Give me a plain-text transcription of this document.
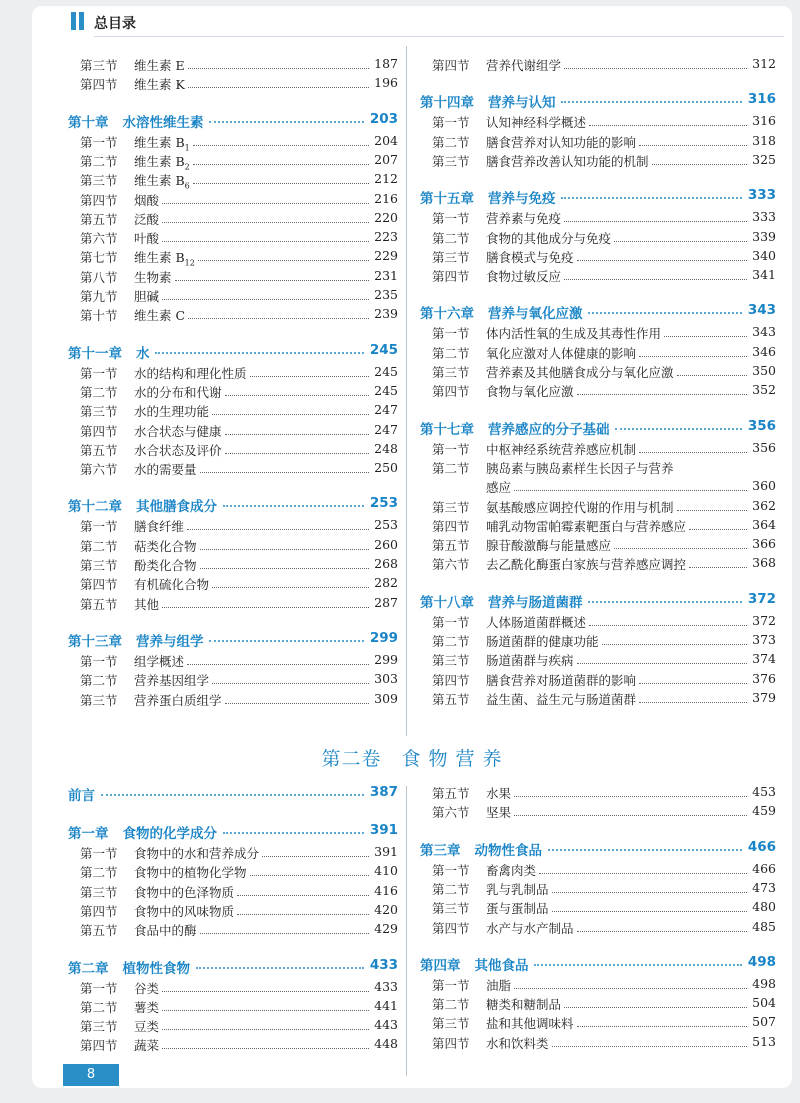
总目录
第三节 维生素 E	187
第四节 维生素 K	196
第十章 水溶性维生素	203
第一节 维生素 $B_1$	204
第二节 维生素 $B_2$	207
第三节 维生素 $B_6$	212
第四节 烟酸	216
第五节 泛酸	220
第六节 叶酸	223
第七节 维生素 $B_{12}$	229
第八节 生物素	231
第九节 胆碱	235
第十节 维生素 C	239
第十一章 水	245
第一节 水的结构和理化性质	245
第二节 水的分布和代谢	245
第三节 水的生理功能	247
第四节 水合状态与健康	247
第五节 水合状态及评价	248
第六节 水的需要量	250
第十二章 其他膳食成分	253
第一节 膳食纤维	253
第二节 萜类化合物	260
第三节 酚类化合物	268
第四节 有机硫化合物	282
第五节 其他	287
第十三章 营养与组学	299
第一节 组学概述	299
第二节 营养基因组学	303
第三节 营养蛋白质组学	309
第四节 营养代谢组学	312
第十四章 营养与认知	316
第一节 认知神经科学概述	316
第二节 膳食营养对认知功能的影响	318
第三节 膳食营养改善认知功能的机制	325
第十五章 营养与免疫	333
第一节 营养素与免疫	333
第二节 食物的其他成分与免疫	339
第三节 膳食模式与免疫	340
第四节 食物过敏反应	341
第十六章 营养与氧化应激	343
第一节 体内活性氧的生成及其毒性作用	343
第二节 氧化应激对人体健康的影响	346
第三节 营养素及其他膳食成分与氧化应激	350
第四节 食物与氧化应激	352
第十七章 营养感应的分子基础	356
第一节 中枢神经系统营养感应机制	356
第二节 胰岛素与胰岛素样生长因子与营养
感应	360
第三节 氨基酸感应调控代谢的作用与机制	362
第四节 哺乳动物雷帕霉素靶蛋白与营养感应	364
第五节 腺苷酸激酶与能量感应	366
第六节 去乙酰化酶蛋白家族与营养感应调控	368
第十八章 营养与肠道菌群	372
第一节 人体肠道菌群概述	372
第二节 肠道菌群的健康功能	373
第三节 肠道菌群与疾病	374
第四节 膳食营养对肠道菌群的影响	376
第五节 益生菌、益生元与肠道菌群	379
第二卷　食 物 营 养
前言	387
第一章 食物的化学成分	391
第一节 食物中的水和营养成分	391
第二节 食物中的植物化学物	410
第三节 食物中的色泽物质	416
第四节 食物中的风味物质	420
第五节 食品中的酶	429
第二章 植物性食物	433
第一节 谷类	433
第二节 薯类	441
第三节 豆类	443
第四节 蔬菜	448
第五节 水果	453
第六节 坚果	459
第三章 动物性食品	466
第一节 畜禽肉类	466
第二节 乳与乳制品	473
第三节 蛋与蛋制品	480
第四节 水产与水产制品	485
第四章 其他食品	498
第一节 油脂	498
第二节 糖类和糖制品	504
第三节 盐和其他调味料	507
第四节 水和饮料类	513
8
